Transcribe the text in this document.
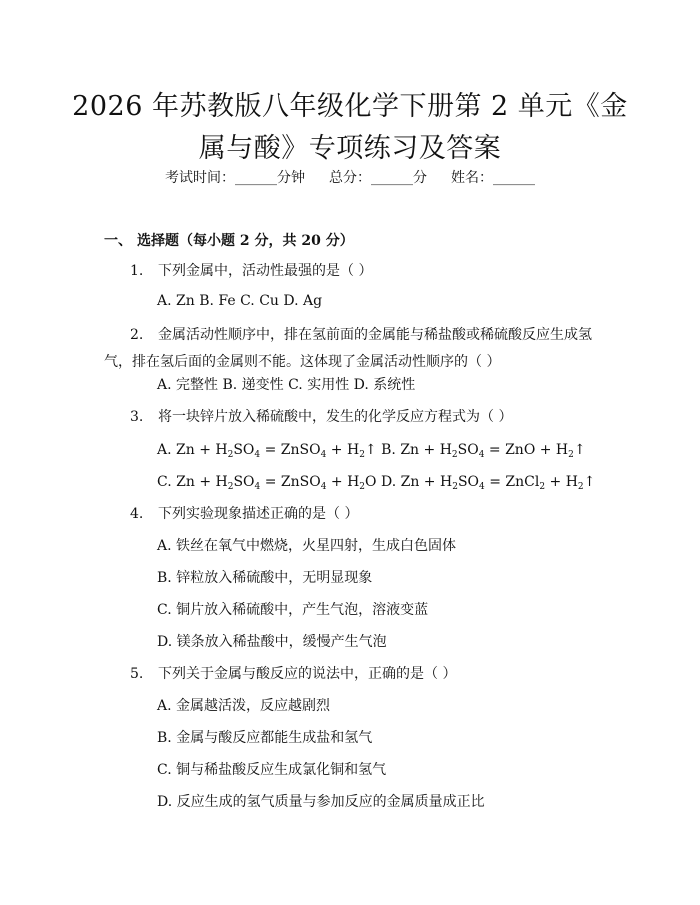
2026 年苏教版八年级化学下册第 2 单元《金
属与酸》专项练习及答案
考试时间：______分钟 总分：______分 姓名：______
一、 选择题（每小题 2 分，共 20 分）
1. 下列金属中，活动性最强的是（ ）
A. Zn B. Fe C. Cu D. Ag
2. 金属活动性顺序中，排在氢前面的金属能与稀盐酸或稀硫酸反应生成氢
气，排在氢后面的金属则不能。这体现了金属活动性顺序的（ ）
A. 完整性 B. 递变性 C. 实用性 D. 系统性
3. 将一块锌片放入稀硫酸中，发生的化学反应方程式为（ ）
A. $Zn + H_2SO_4$ = ZnSO$_4$ + $H_2↑$ B. $Zn + H_2SO_4$ = ZnO + $H_2↑$
C. $Zn + H_2SO_4$ = ZnSO$_4$ + $H_2O$ D. $Zn + H_2SO_4$ = ZnCl$_2$ + $H_2↑$
4. 下列实验现象描述正确的是（ ）
A. 铁丝在氧气中燃烧，火星四射，生成白色固体
B. 锌粒放入稀硫酸中，无明显现象
C. 铜片放入稀硫酸中，产生气泡，溶液变蓝
D. 镁条放入稀盐酸中，缓慢产生气泡
5. 下列关于金属与酸反应的说法中，正确的是（ ）
A. 金属越活泼，反应越剧烈
B. 金属与酸反应都能生成盐和氢气
C. 铜与稀盐酸反应生成氯化铜和氢气
D. 反应生成的氢气质量与参加反应的金属质量成正比
